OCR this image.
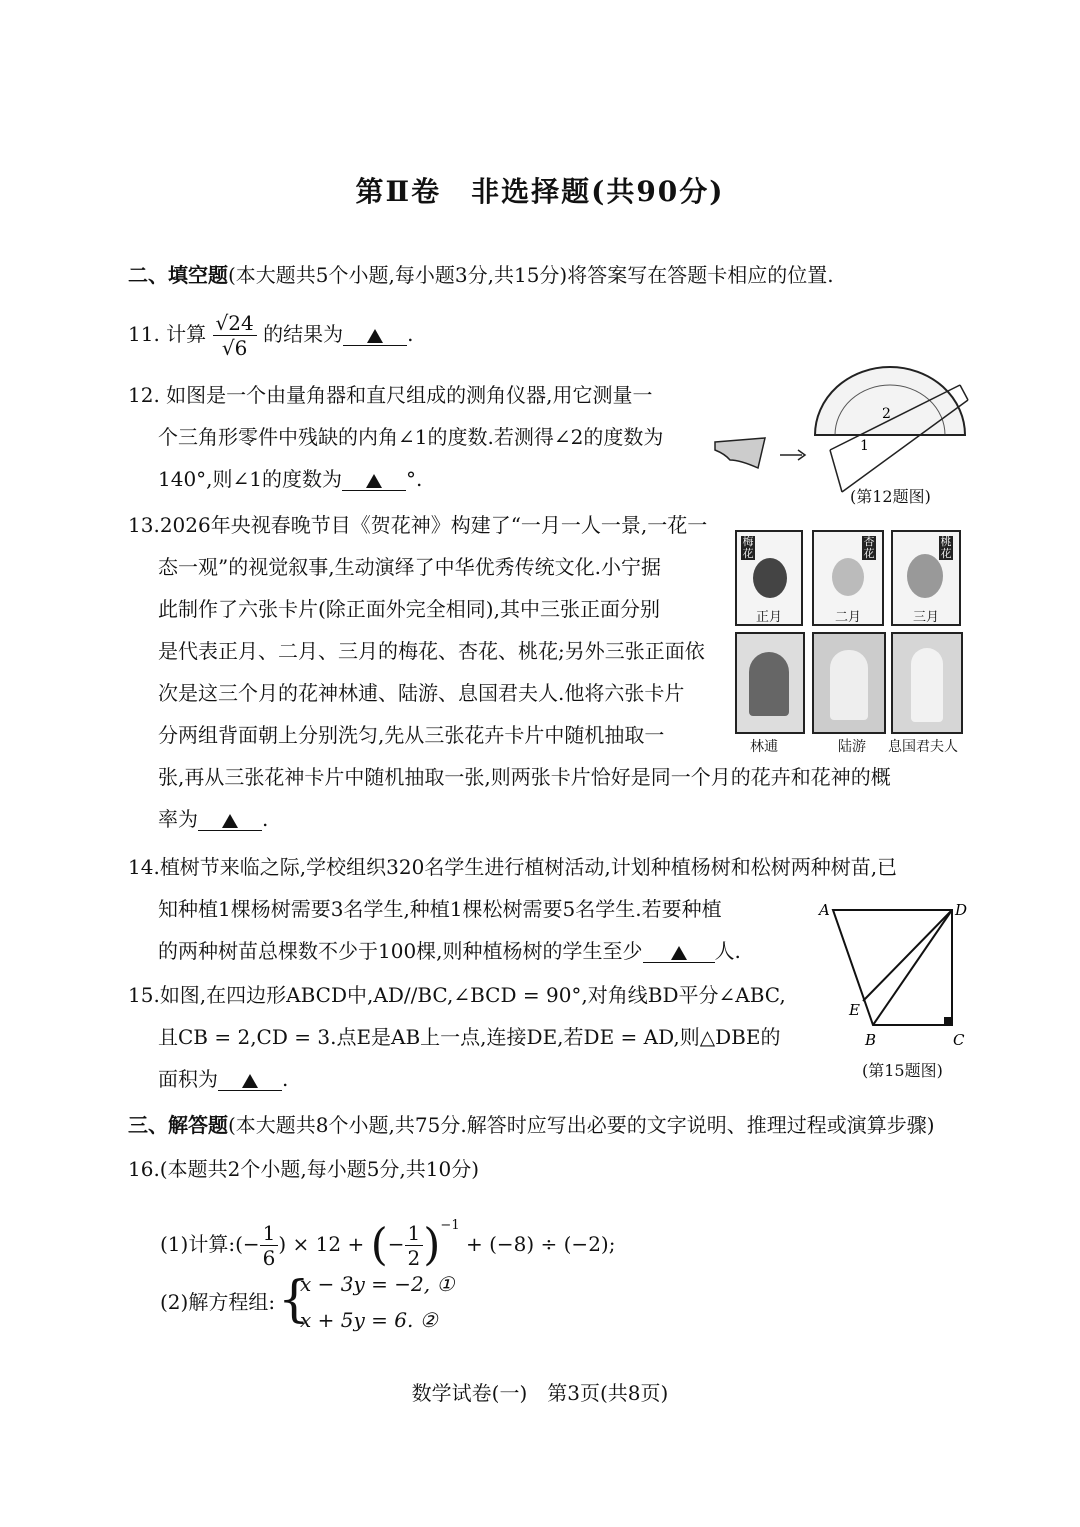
第Ⅱ卷　非选择题(共90分)
二、填空题(本大题共5个小题,每小题3分,共15分)将答案写在答题卡相应的位置.
11. 计算 $\frac{√24}{√6}$ 的结果为	.
12. 如图是一个由量角器和直尺组成的测角仪器,用它测量一
个三角形零件中残缺的内角∠1的度数.若测得∠2的度数为
140°,则∠1的度数为	°.
2
1
(第12题图)
13.2026年央视春晚节目《贺花神》构建了“一月一人一景,一花一
态一观”的视觉叙事,生动演绎了中华优秀传统文化.小宁据
此制作了六张卡片(除正面外完全相同),其中三张正面分别
是代表正月、二月、三月的梅花、杏花、桃花;另外三张正面依
次是这三个月的花神林逋、陆游、息国君夫人.他将六张卡片
分两组背面朝上分别洗匀,先从三张花卉卡片中随机抽取一
张,再从三张花神卡片中随机抽取一张,则两张卡片恰好是同一个月的花卉和花神的概
率为	.
梅花
正月
杏花
二月
桃花
三月
林逋	陆游 息国君夫人
14.植树节来临之际,学校组织320名学生进行植树活动,计划种植杨树和松树两种树苗,已
知种植1棵杨树需要3名学生,种植1棵松树需要5名学生.若要种植
的两种树苗总棵数不少于100棵,则种植杨树的学生至少	人.
15.如图,在四边形ABCD中,AD//BC,∠BCD = 90°,对角线BD平分∠ABC,
且CB = 2,CD = 3.点E是AB上一点,连接DE,若DE = AD,则△DBE的
面积为	.
A	D
E
B	C
(第15题图)
三、解答题(本大题共8个小题,共75分.解答时应写出必要的文字说明、推理过程或演算步骤)
16.(本题共2个小题,每小题5分,共10分)
(1)计算:(− $\frac{1}{6}$ ) × 12 + (− $\frac{1}{2} )^{-1} + (-8) \div (-2)$;
(2)解方程组: {
x − 3y = −2, ①
x + 5y = 6. ②
数学试卷(一)　第3页(共8页)
